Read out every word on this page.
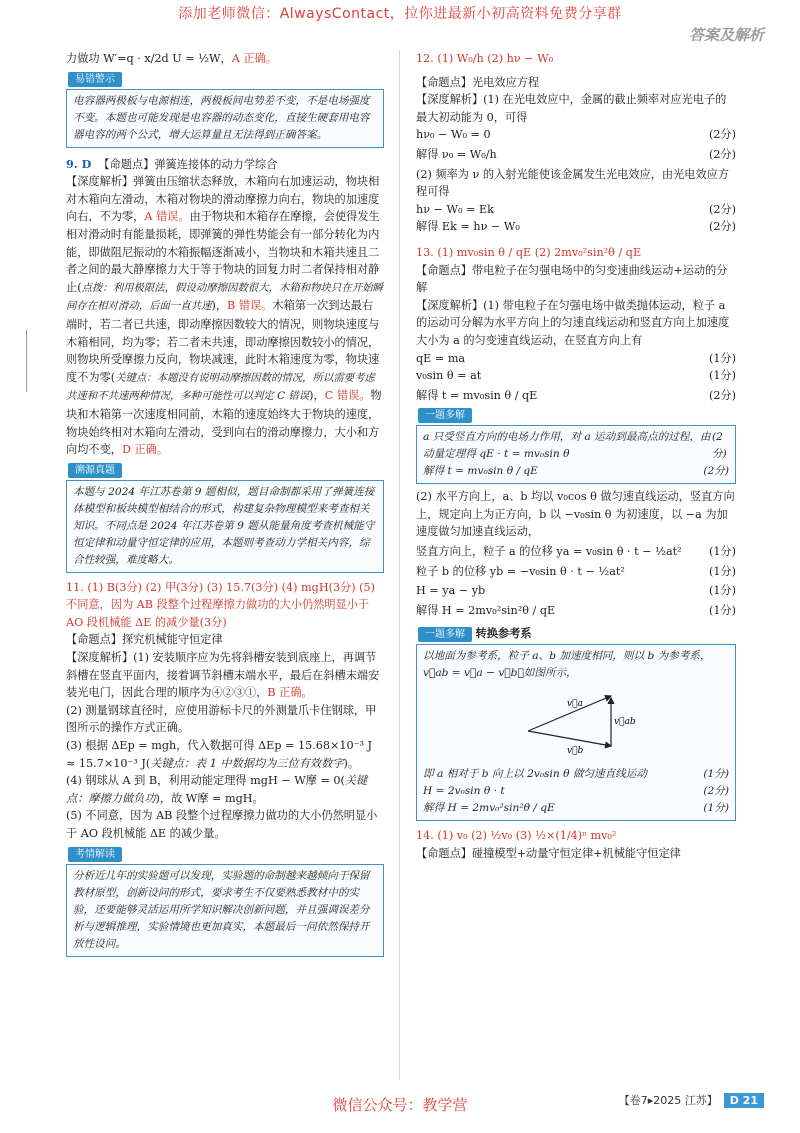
添加老师微信：AlwaysContact，拉你进最新小初高资料免费分享群
答案及解析

力做功 W′=q · x/2d U = ½W，A 正确。

易错警示
电容器两极板与电源相连，两极板间电势差不变，不是电场强度不变。本题也可能发现是电容器的动态变化，直接生硬套用电容器电容的两个公式，增大运算量且无法得到正确答案。

9. D 【命题点】弹簧连接体的动力学综合

【深度解析】弹簧由压缩状态释放，木箱向右加速运动，物块相对木箱向左滑动，木箱对物块的滑动摩擦力向右，物块的加速度向右，不为零，A 错误。由于物块和木箱存在摩擦，会使得发生相对滑动时有能量损耗，即弹簧的弹性势能会有一部分转化为内能，即做阻尼振动的木箱振幅逐渐减小，当物块和木箱共速且二者之间的最大静摩擦力大于等于物块的回复力时二者保持相对静止(点拨：利用极限法，假设动摩擦因数很大，木箱和物块只在开始瞬间存在相对滑动，后面一直共速)，B 错误。木箱第一次到达最右端时，若二者已共速，即动摩擦因数较大的情况，则物块速度与木箱相同，均为零；若二者未共速，即动摩擦因数较小的情况，则物块所受摩擦力反向，物块减速，此时木箱速度为零，物块速度不为零(关键点：本题没有说明动摩擦因数的情况，所以需要考虑共速和不共速两种情况，多种可能性可以判定 C 错误)，C 错误。物块和木箱第一次速度相同前，木箱的速度始终大于物块的速度，物块始终相对木箱向左滑动，受到向右的滑动摩擦力，大小和方向均不变，D 正确。

溯源真题
本题与 2024 年江苏卷第 9 题相似，题目命制都采用了弹簧连接体模型和板块模型相结合的形式，构建复杂物理模型来考查相关知识。不同点是 2024 年江苏卷第 9 题从能量角度考查机械能守恒定律和动量守恒定律的应用，本题则考查动力学相关内容，综合性较强，难度略大。

11. (1) B(3分) (2) 甲(3分) (3) 15.7(3分) (4) mgH(3分) (5) 不同意，因为 AB 段整个过程摩擦力做功的大小仍然明显小于 AO 段机械能 ΔE 的减少量(3分)

【命题点】探究机械能守恒定律

【深度解析】(1) 安装顺序应为先将斜槽安装到底座上，再调节斜槽在竖直平面内，接着调节斜槽末端水平，最后在斜槽末端安装光电门，因此合理的顺序为④②③①，B 正确。

(2) 测量钢球直径时，应使用游标卡尺的外测量爪卡住钢球，甲图所示的操作方式正确。

(3) 根据 ΔEp = mgh，代入数据可得 ΔEp = 15.68×10⁻³ J ≈ 15.7×10⁻³ J(关键点：表 1 中数据均为三位有效数字)。

(4) 钢球从 A 到 B，利用动能定理得 mgH − W摩 = 0(关键点：摩擦力做负功)，故 W摩 = mgH。

(5) 不同意，因为 AB 段整个过程摩擦力做功的大小仍然明显小于 AO 段机械能 ΔE 的减少量。

考情解读
分析近几年的实验题可以发现，实验题的命制越来越倾向于保留教材原型，创新设问的形式，要求考生不仅要熟悉教材中的实验，还要能够灵活运用所学知识解决创新问题，并且强调误差分析与逻辑推理，实验情境也更加真实，本题最后一问依然保持开放性设问。

12. (1) W₀/h (2) hν − W₀

【命题点】光电效应方程

【深度解析】(1) 在光电效应中，金属的截止频率对应光电子的最大初动能为 0，可得

hν₀ − W₀ = 0	(2分)
解得 ν₀ = W₀/h	(2分)

(2) 频率为 ν 的入射光能使该金属发生光电效应，由光电效应方程可得

hν − W₀ = Ek	(2分)
解得 Ek = hν − W₀	(2分)

13. (1) mv₀sin θ / qE (2) 2mv₀²sin²θ / qE

【命题点】带电粒子在匀强电场中的匀变速曲线运动+运动的分解

【深度解析】(1) 带电粒子在匀强电场中做类抛体运动，粒子 a 的运动可分解为水平方向上的匀速直线运动和竖直方向上加速度大小为 a 的匀变速直线运动，在竖直方向上有

qE = ma	(1分)
v₀sin θ = at	(1分)
解得 t = mv₀sin θ / qE	(2分)
一题多解
a 只受竖直方向的电场力作用，对 a 运动到最高点的过程，由动量定理得 qE · t = mv₀sin θ
(2分)
解得 t = mv₀sin θ / qE	(2分)

(2) 水平方向上，a、b 均以 v₀cos θ 做匀速直线运动，竖直方向上，规定向上为正方向，b 以 −v₀sin θ 为初速度，以 −a 为加速度做匀加速直线运动，

竖直方向上，粒子 a 的位移 ya = v₀sin θ · t − ½at² (1分)
粒子 b 的位移 yb = −v₀sin θ · t − ½at²	(1分)
H = ya − yb	(1分)
解得 H = 2mv₀²sin²θ / qE	(1分)

一题多解 转换参考系

以地面为参考系，粒子 a、b 加速度相同，则以 b 为参考系，v⃗ab = v⃗a − v⃗b，如图所示，
v⃗a
v⃗b
v⃗ab
即 a 相对于 b 向上以 2v₀sin θ 做匀速直线运动	(1分)
H = 2v₀sin θ · t	(2分)
解得 H = 2mv₀²sin²θ / qE	(1分)

14. (1) v₀ (2) ½v₀ (3) ½×(1/4)ⁿ mv₀²

【命题点】碰撞模型+动量守恒定律+机械能守恒定律

微信公众号：教学营	【卷7▸2025 江苏】	D 21
